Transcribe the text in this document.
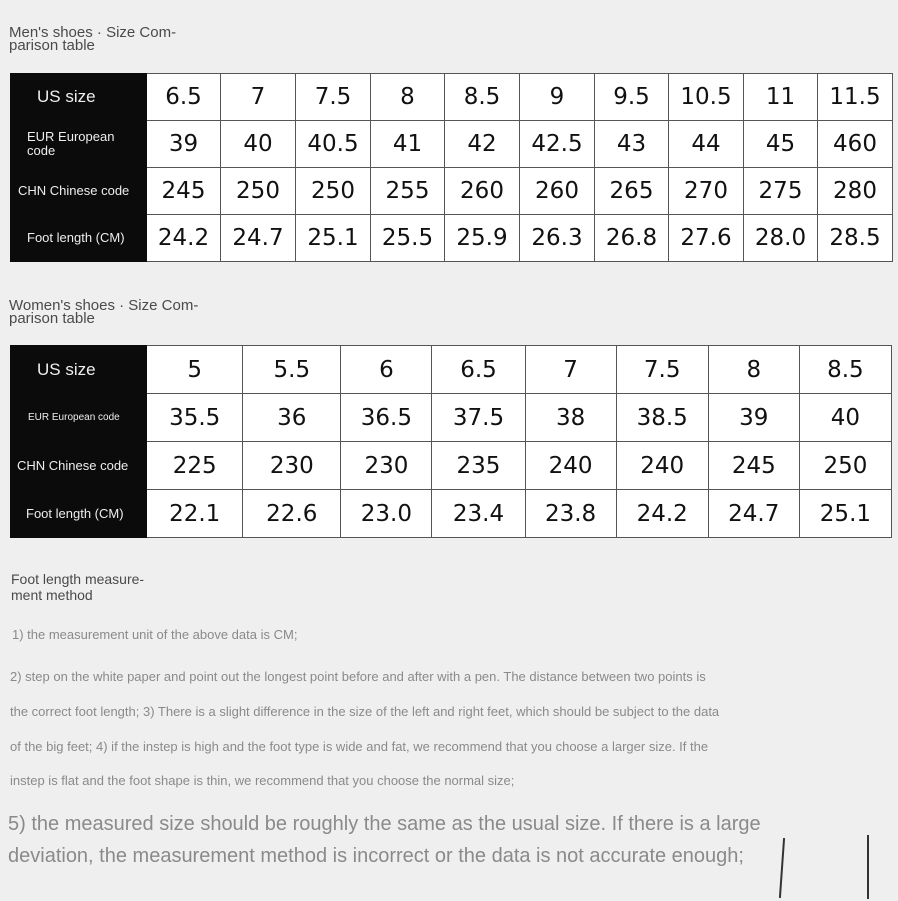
Men's shoes · Size Com-
parison table
US size	6.5	7	7.5	8	8.5	9	9.5	10.5	11	11.5

EUR European
code	39	40	40.5	41	42	42.5	43	44	45	460
CHN Chinese code	245	250	250	255	260	260	265	270	275	280
Foot length (CM)	24.2	24.7	25.1	25.5	25.9	26.3	26.8	27.6	28.0	28.5
Women's shoes · Size Com-
parison table
US size	5	5.5	6	6.5	7	7.5	8	8.5
EUR European code	35.5	36	36.5	37.5	38	38.5	39	40
CHN Chinese code	225	230	230	235	240	240	245	250
Foot length (CM)	22.1	22.6	23.0	23.4	23.8	24.2	24.7	25.1
Foot length measure-
ment method
1) the measurement unit of the above data is CM;
2) step on the white paper and point out the longest point before and after with a pen. The distance between two points is
the correct foot length; 3) There is a slight difference in the size of the left and right feet, which should be subject to the data
of the big feet; 4) if the instep is high and the foot type is wide and fat, we recommend that you choose a larger size. If the
instep is flat and the foot shape is thin, we recommend that you choose the normal size;
5) the measured size should be roughly the same as the usual size. If there is a large
deviation, the measurement method is incorrect or the data is not accurate enough;
